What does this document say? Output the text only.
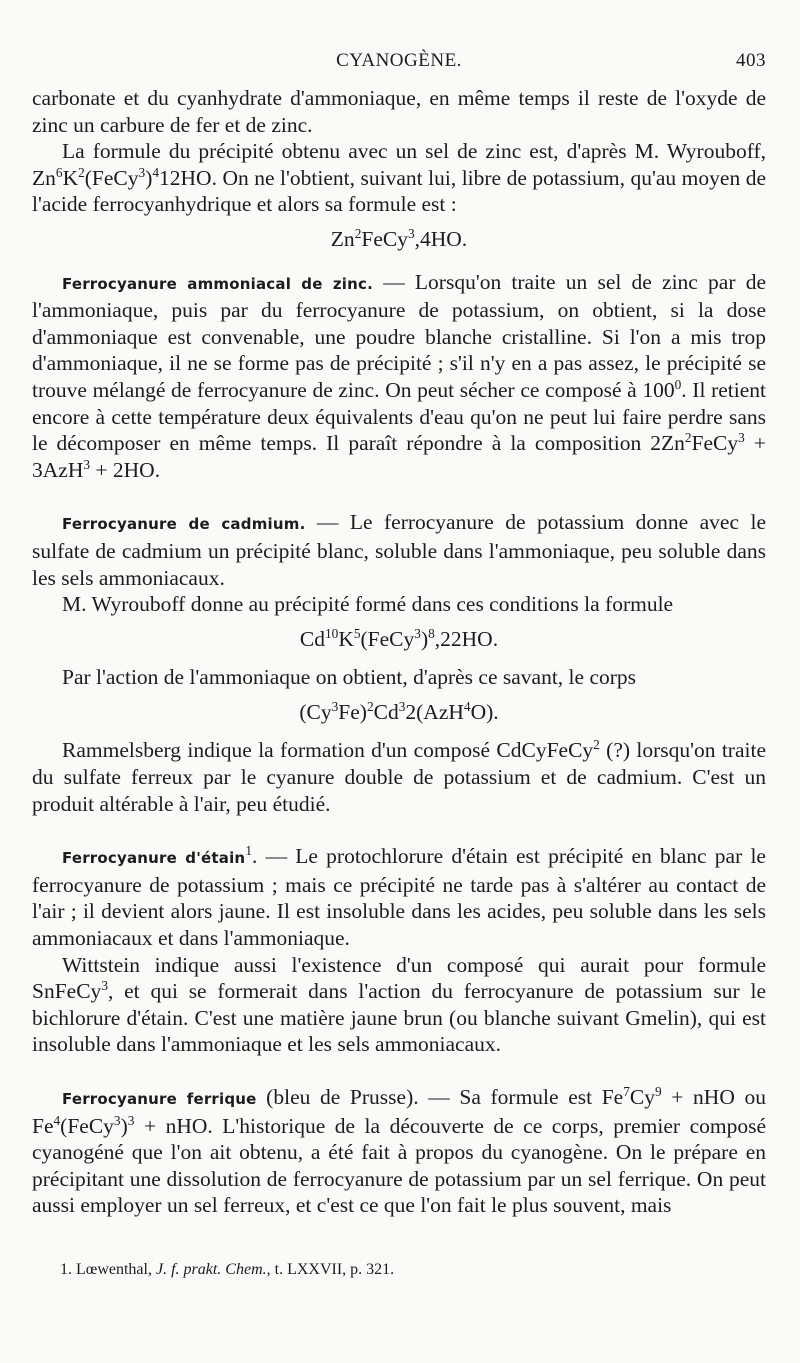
CYANOGÈNE.	403

carbonate et du cyanhydrate d'ammoniaque, en même temps il reste de l'oxyde de zinc un carbure de fer et de zinc.

La formule du précipité obtenu avec un sel de zinc est, d'après M. Wyrouboff, $Zn^6K^2(FeCy^3)^412HO$. On ne l'obtient, suivant lui, libre de potassium, qu'au moyen de l'acide ferrocyanhydrique et alors sa formule est :

Zn$^2$FeCy$^3$,4HO.

Ferrocyanure ammoniacal de zinc. — Lorsqu'on traite un sel de zinc par de l'ammoniaque, puis par du ferrocyanure de potassium, on obtient, si la dose d'ammoniaque est convenable, une poudre blanche cristalline. Si l'on a mis trop d'ammoniaque, il ne se forme pas de précipité ; s'il n'y en a pas assez, le précipité se trouve mélangé de ferrocyanure de zinc. On peut sécher ce composé à $100^0$. Il retient encore à cette température deux équivalents d'eau qu'on ne peut lui faire perdre sans le décomposer en même temps. Il paraît répondre à la composition $2Zn^2FeCy^3 + 3AzH^3 + 2HO$.

Ferrocyanure de cadmium. — Le ferrocyanure de potassium donne avec le sulfate de cadmium un précipité blanc, soluble dans l'ammoniaque, peu soluble dans les sels ammoniacaux.

M. Wyrouboff donne au précipité formé dans ces conditions la formule

$Cd^{10}K^5(FeCy^3)^8,22HO$.

Par l'action de l'ammoniaque on obtient, d'après ce savant, le corps

$(Cy^3Fe)^2Cd^32(AzH^4O)$.

Rammelsberg indique la formation d'un composé CdCyFeCy$^2$ (?) lorsqu'on traite du sulfate ferreux par le cyanure double de potassium et de cadmium. C'est un produit altérable à l'air, peu étudié.

Ferrocyanure d'étain$^1$. — Le protochlorure d'étain est précipité en blanc par le ferrocyanure de potassium ; mais ce précipité ne tarde pas à s'altérer au contact de l'air ; il devient alors jaune. Il est insoluble dans les acides, peu soluble dans les sels ammoniacaux et dans l'ammoniaque.

Wittstein indique aussi l'existence d'un composé qui aurait pour formule SnFeCy$^3$, et qui se formerait dans l'action du ferrocyanure de potassium sur le bichlorure d'étain. C'est une matière jaune brun (ou blanche suivant Gmelin), qui est insoluble dans l'ammoniaque et les sels ammoniacaux.

Ferrocyanure ferrique (bleu de Prusse). — Sa formule est $Fe^7Cy^9$ + nHO ou $Fe^4(FeCy^3)^3$ + nHO. L'historique de la découverte de ce corps, premier composé cyanogéné que l'on ait obtenu, a été fait à propos du cyanogène. On le prépare en précipitant une dissolution de ferrocyanure de potassium par un sel ferrique. On peut aussi employer un sel ferreux, et c'est ce que l'on fait le plus souvent, mais

1. Lœwenthal, J. f. prakt. Chem., t. LXXVII, p. 321.
